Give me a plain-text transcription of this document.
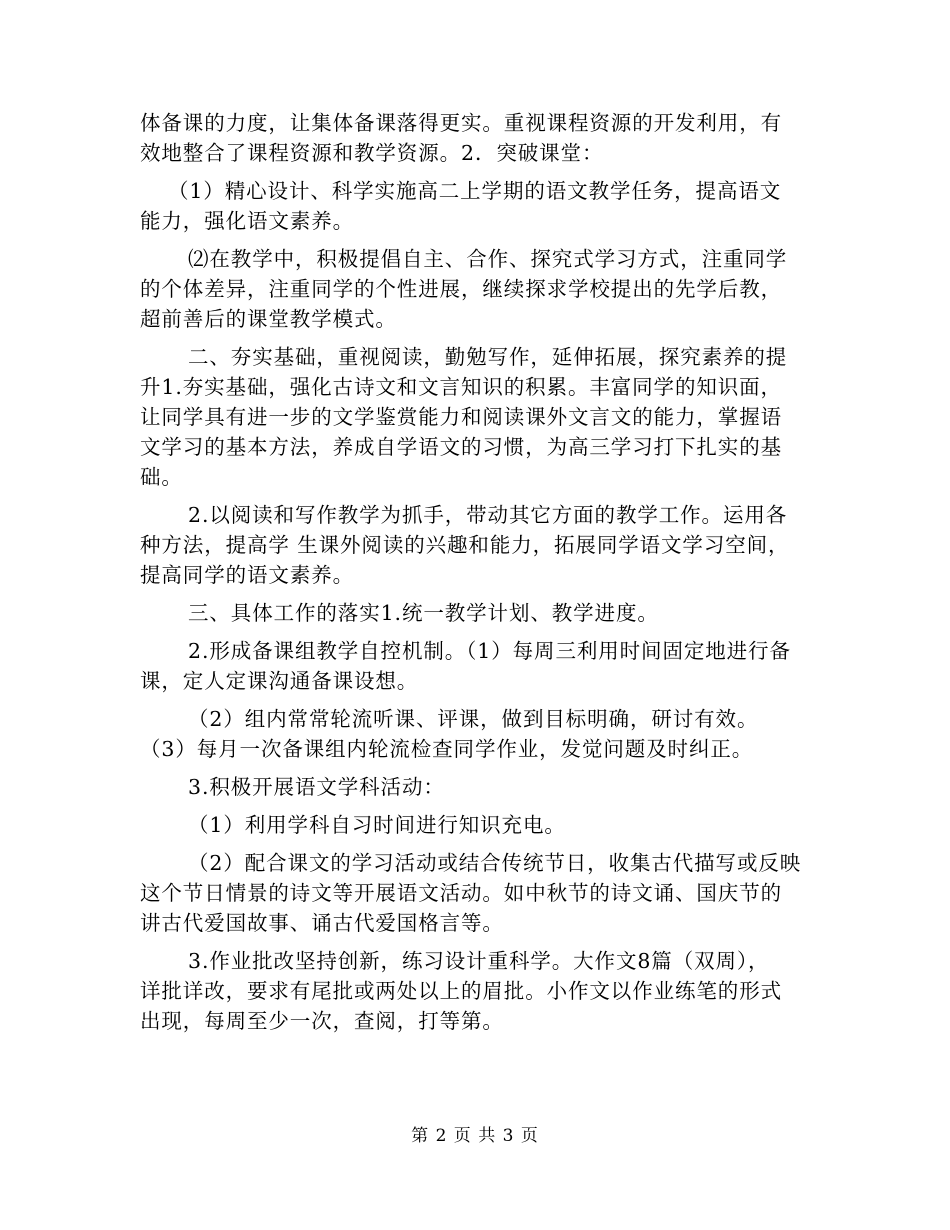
体备课的力度，让集体备课落得更实。重视课程资源的开发利用，有
效地整合了课程资源和教学资源。2．突破课堂：
（1）精心设计、科学实施高二上学期的语文教学任务，提高语文
能力，强化语文素养。
⑵在教学中，积极提倡自主、合作、探究式学习方式，注重同学
的个体差异，注重同学的个性进展，继续探求学校提出的先学后教，
超前善后的课堂教学模式。
二、夯实基础，重视阅读，勤勉写作，延伸拓展，探究素养的提
升1.夯实基础，强化古诗文和文言知识的积累。丰富同学的知识面，
让同学具有进一步的文学鉴赏能力和阅读课外文言文的能力，掌握语
文学习的基本方法，养成自学语文的习惯，为高三学习打下扎实的基
础。
2.以阅读和写作教学为抓手，带动其它方面的教学工作。运用各
种方法，提高学 生课外阅读的兴趣和能力，拓展同学语文学习空间，
提高同学的语文素养。
三、具体工作的落实1.统一教学计划、教学进度。
2.形成备课组教学自控机制。（1）每周三利用时间固定地进行备
课，定人定课沟通备课设想。
（2）组内常常轮流听课、评课，做到目标明确，研讨有效。
（3）每月一次备课组内轮流检查同学作业，发觉问题及时纠正。
3.积极开展语文学科活动：
（1）利用学科自习时间进行知识充电。
（2）配合课文的学习活动或结合传统节日，收集古代描写或反映
这个节日情景的诗文等开展语文活动。如中秋节的诗文诵、国庆节的
讲古代爱国故事、诵古代爱国格言等。
3.作业批改坚持创新，练习设计重科学。大作文8篇（双周），
详批详改，要求有尾批或两处以上的眉批。小作文以作业练笔的形式
出现，每周至少一次，查阅，打等第。
第 2 页 共 3 页
